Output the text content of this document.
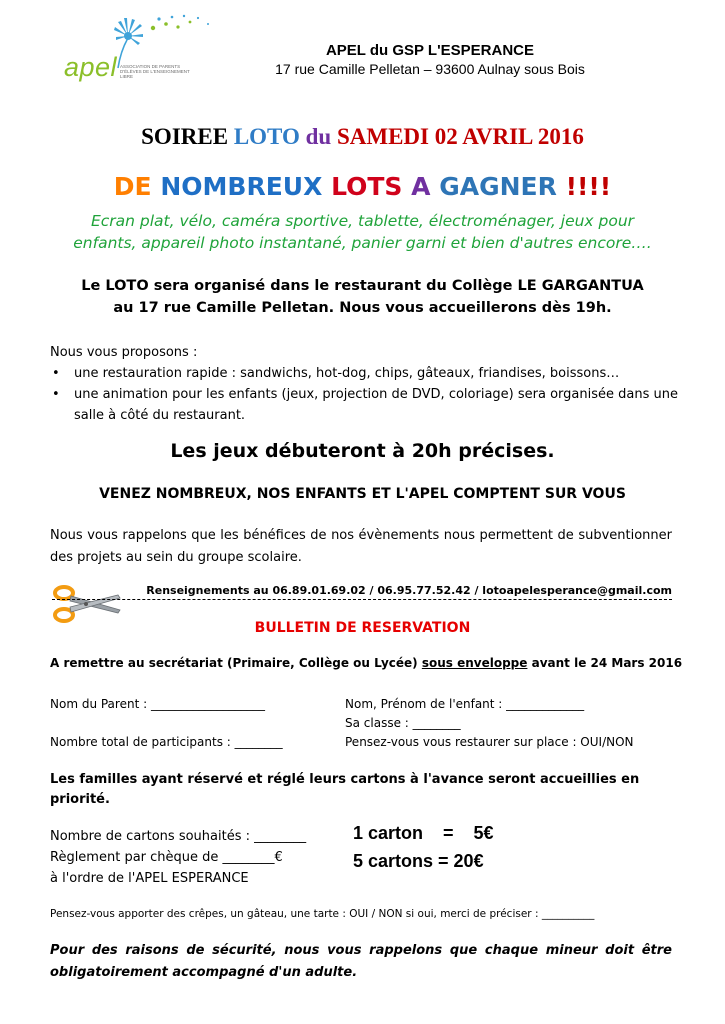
apel ASSOCIATION DE PARENTS D'ÉLÈVES DE L'ENSEIGNEMENT LIBRE
APEL du GSP L'ESPERANCE
17 rue Camille Pelletan – 93600 Aulnay sous Bois
SOIREE LOTO du SAMEDI 02 AVRIL 2016
DE NOMBREUX LOTS A GAGNER !!!!
Ecran plat, vélo, caméra sportive, tablette, électroménager, jeux pour
enfants, appareil photo instantané, panier garni et bien d'autres encore….
Le LOTO sera organisé dans le restaurant du Collège LE GARGANTUA
au 17 rue Camille Pelletan. Nous vous accueillerons dès 19h.
Nous vous proposons :
• une restauration rapide : sandwichs, hot-dog, chips, gâteaux, friandises, boissons…
• une animation pour les enfants (jeux, projection de DVD, coloriage) sera organisée dans une salle à côté du restaurant.
Les jeux débuteront à 20h précises.
VENEZ NOMBREUX, NOS ENFANTS ET L'APEL COMPTENT SUR VOUS
Nous vous rappelons que les bénéfices de nos évènements nous permettent de subventionner des projets au sein du groupe scolaire.
Renseignements au 06.89.01.69.02 / 06.95.77.52.42 / lotoapelesperance@gmail.com
BULLETIN DE RESERVATION
A remettre au secrétariat (Primaire, Collège ou Lycée) sous enveloppe avant le 24 Mars 2016
Nom du Parent : ___________________	Nom, Prénom de l'enfant : _____________
Sa classe : ________
Nombre total de participants : ________	Pensez-vous vous restaurer sur place : OUI/NON
Les familles ayant réservé et réglé leurs cartons à l'avance seront accueillies en priorité.
Nombre de cartons souhaités : ________
Règlement par chèque de ________€
à l'ordre de l'APEL ESPERANCE
1 carton    =    5€
5 cartons = 20€
Pensez-vous apporter des crêpes, un gâteau, une tarte : OUI / NON si oui, merci de préciser : __________
Pour des raisons de sécurité, nous vous rappelons que chaque mineur doit être obligatoirement accompagné d'un adulte.
